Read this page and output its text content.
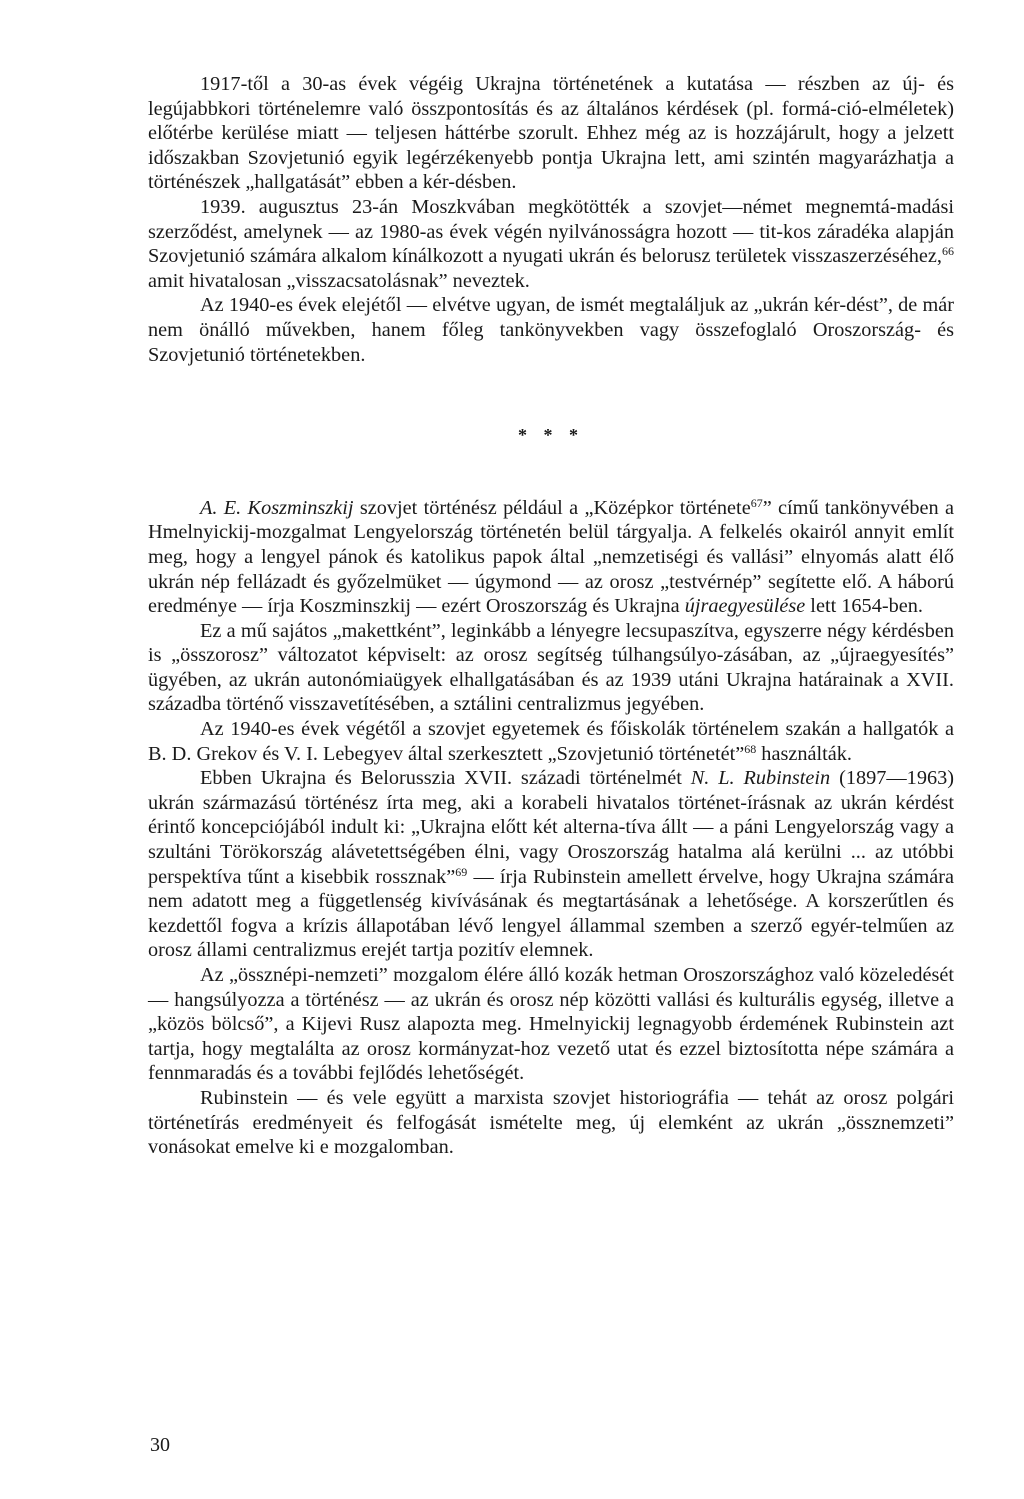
1917-től a 30-as évek végéig Ukrajna történetének a kutatása — részben az új- és legújabbkori történelemre való összpontosítás és az általános kérdések (pl. formá-ció-elméletek) előtérbe kerülése miatt — teljesen háttérbe szorult. Ehhez még az is hozzájárult, hogy a jelzett időszakban Szovjetunió egyik legérzékenyebb pontja Ukrajna lett, ami szintén magyarázhatja a történészek „hallgatását” ebben a kér-désben.

1939. augusztus 23-án Moszkvában megkötötték a szovjet—német megnemtá-madási szerződést, amelynek — az 1980-as évek végén nyilvánosságra hozott — tit-kos záradéka alapján Szovjetunió számára alkalom kínálkozott a nyugati ukrán és belorusz területek visszaszerzéséhez,$^{66}$ amit hivatalosan „visszacsatolásnak” neveztek.

Az 1940-es évek elejétől — elvétve ugyan, de ismét megtaláljuk az „ukrán kér-dést”, de már nem önálló művekben, hanem főleg tankönyvekben vagy összefoglaló Oroszország- és Szovjetunió történetekben.

* * *

A. E. Koszminszkij szovjet történész például a „Középkor története$^{67}$” című tankönyvében a Hmelnyickij-mozgalmat Lengyelország történetén belül tárgyalja. A felkelés okairól annyit említ meg, hogy a lengyel pánok és katolikus papok által „nemzetiségi és vallási” elnyomás alatt élő ukrán nép fellázadt és győzelmüket — úgymond — az orosz „testvérnép” segítette elő. A háború eredménye — írja Koszminszkij — ezért Oroszország és Ukrajna újraegyesülése lett 1654-ben.

Ez a mű sajátos „makettként”, leginkább a lényegre lecsupaszítva, egyszerre négy kérdésben is „összorosz” változatot képviselt: az orosz segítség túlhangsúlyo-zásában, az „újraegyesítés” ügyében, az ukrán autonómiaügyek elhallgatásában és az 1939 utáni Ukrajna határainak a XVII. századba történő visszavetítésében, a sztálini centralizmus jegyében.

Az 1940-es évek végétől a szovjet egyetemek és főiskolák történelem szakán a hallgatók a B. D. Grekov és V. I. Lebegyev által szerkesztett „Szovjetunió történetét”$^{68}$ használták.

Ebben Ukrajna és Belorusszia XVII. századi történelmét N. L. Rubinstein (1897—1963) ukrán származású történész írta meg, aki a korabeli hivatalos történet-írásnak az ukrán kérdést érintő koncepciójából indult ki: „Ukrajna előtt két alterna-tíva állt — a páni Lengyelország vagy a szultáni Törökország alávetettségében élni, vagy Oroszország hatalma alá kerülni ... az utóbbi perspektíva tűnt a kisebbik rossznak”$^{69}$ — írja Rubinstein amellett érvelve, hogy Ukrajna számára nem adatott meg a függetlenség kivívásának és megtartásának a lehetősége. A korszerűtlen és kezdettől fogva a krízis állapotában lévő lengyel állammal szemben a szerző egyér-telműen az orosz állami centralizmus erejét tartja pozitív elemnek.

Az „össznépi-nemzeti” mozgalom élére álló kozák hetman Oroszországhoz való közeledését — hangsúlyozza a történész — az ukrán és orosz nép közötti vallási és kulturális egység, illetve a „közös bölcső”, a Kijevi Rusz alapozta meg. Hmelnyickij legnagyobb érdemének Rubinstein azt tartja, hogy megtalálta az orosz kormányzat-hoz vezető utat és ezzel biztosította népe számára a fennmaradás és a további fejlődés lehetőségét.

Rubinstein — és vele együtt a marxista szovjet historiográfia — tehát az orosz polgári történetírás eredményeit és felfogását ismételte meg, új elemként az ukrán „össznemzeti” vonásokat emelve ki e mozgalomban.

30
